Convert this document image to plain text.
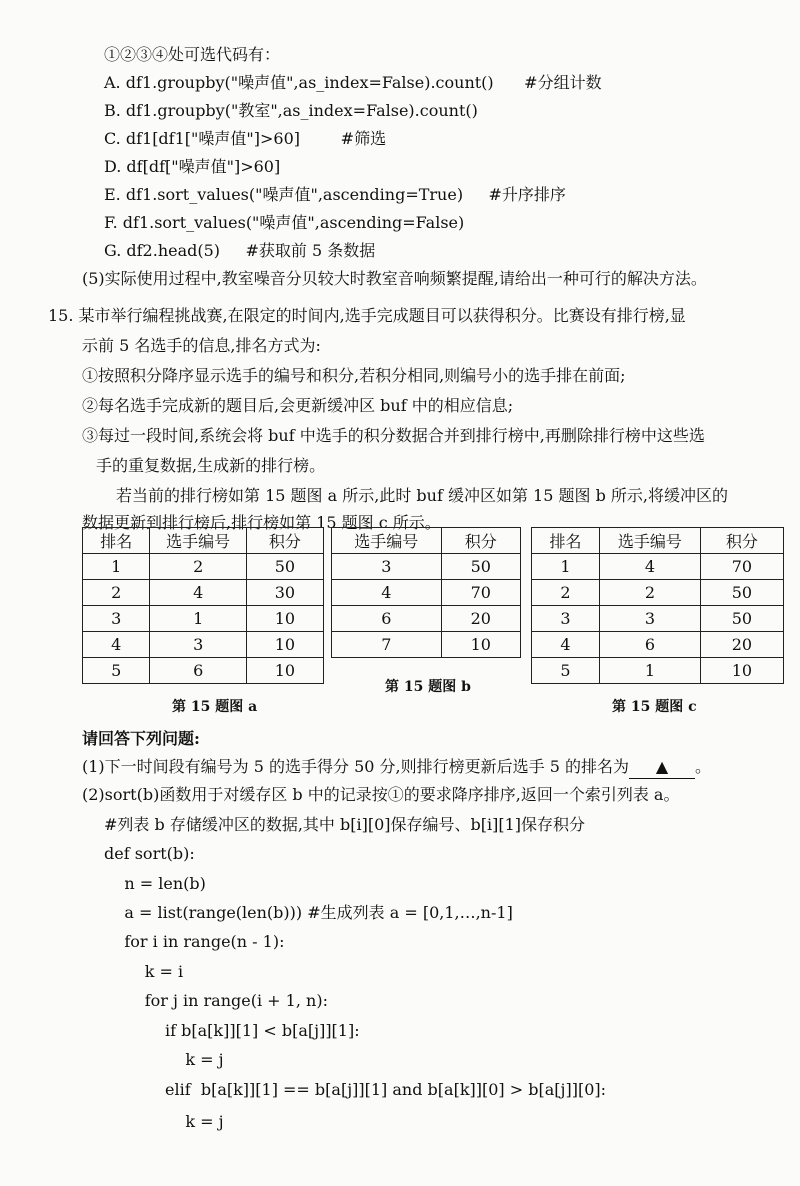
①②③④处可选代码有：
A. df1.groupby("噪声值",as_index=False).count()      #分组计数
B. df1.groupby("教室",as_index=False).count()
C. df1[df1["噪声值"]>60]        #筛选
D. df[df["噪声值"]>60]
E. df1.sort_values("噪声值",ascending=True)     #升序排序
F. df1.sort_values("噪声值",ascending=False)
G. df2.head(5)     #获取前 5 条数据
(5)实际使用过程中,教室噪音分贝较大时教室音响频繁提醒,请给出一种可行的解决方法。
15. 某市举行编程挑战赛,在限定的时间内,选手完成题目可以获得积分。比赛设有排行榜,显
示前 5 名选手的信息,排名方式为:
①按照积分降序显示选手的编号和积分,若积分相同,则编号小的选手排在前面;
②每名选手完成新的题目后,会更新缓冲区 buf 中的相应信息;
③每过一段时间,系统会将 buf 中选手的积分数据合并到排行榜中,再删除排行榜中这些选
手的重复数据,生成新的排行榜。
若当前的排行榜如第 15 题图 a 所示,此时 buf 缓冲区如第 15 题图 b 所示,将缓冲区的
数据更新到排行榜后,排行榜如第 15 题图 c 所示。
排名	选手编号	积分
1	2	50
2	4	30
3	1	10
4	3	10
5	6	10
选手编号	积分
3	50
4	70
6	20
7	10
排名	选手编号	积分
1	4	70
2	2	50
3	3	50
4	6	20
5	1	10
第 15 题图 a
第 15 题图 b
第 15 题图 c
请回答下列问题:
(1)下一时间段有编号为 5 的选手得分 50 分,则排行榜更新后选手 5 的排名为 ▲ 。
(2)sort(b)函数用于对缓存区 b 中的记录按①的要求降序排序,返回一个索引列表 a。
#列表 b 存储缓冲区的数据,其中 b[i][0]保存编号、b[i][1]保存积分
def sort(b):
n = len(b)
a = list(range(len(b))) #生成列表 a = [0,1,…,n-1]
for i in range(n - 1):
k = i
for j in range(i + 1, n):
if b[a[k]][1] < b[a[j]][1]:
k = j
elif  b[a[k]][1] == b[a[j]][1] and b[a[k]][0] > b[a[j]][0]:
k = j
